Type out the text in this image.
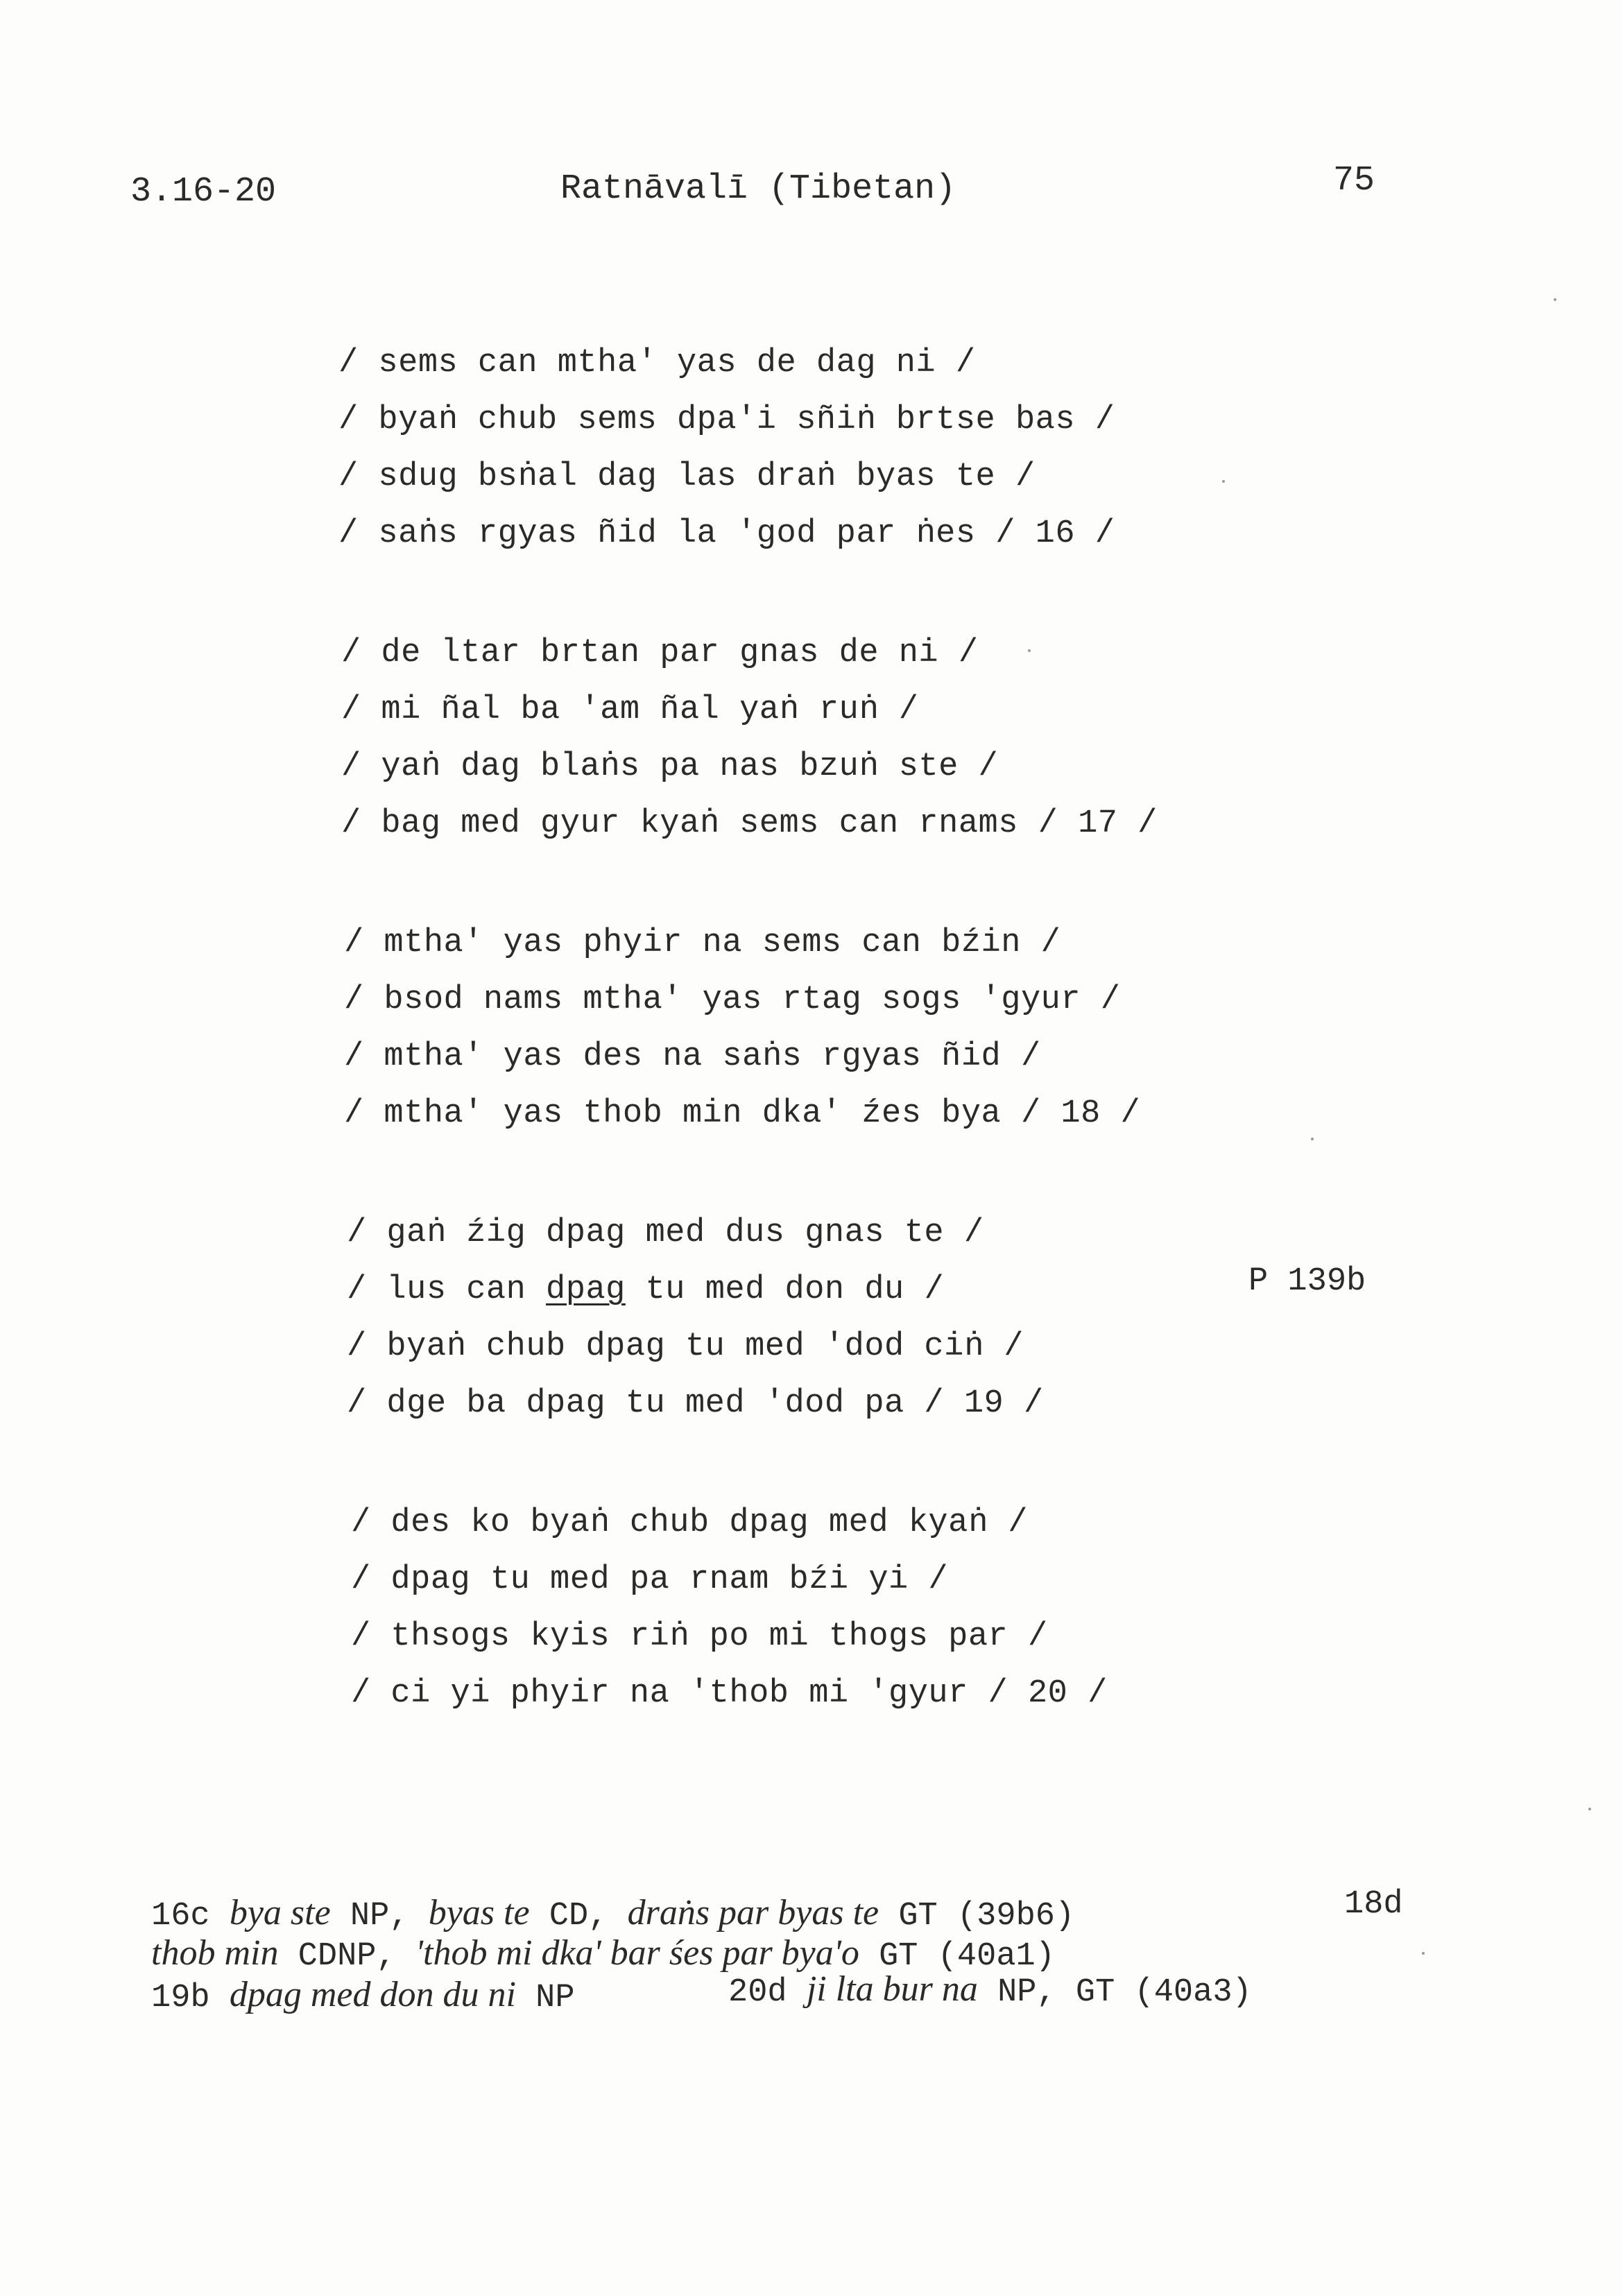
3.16-20	Ratnāvalī (Tibetan)	75
/ sems can mtha' yas de dag ni /
/ byaṅ chub sems dpa'i sñiṅ brtse bas /
/ sdug bsṅal dag las draṅ byas te /
/ saṅs rgyas ñid la 'god par ṅes / 16 /
/ de ltar brtan par gnas de ni /
/ mi ñal ba 'am ñal yaṅ ruṅ /
/ yaṅ dag blaṅs pa nas bzuṅ ste /
/ bag med gyur kyaṅ sems can rnams / 17 /
/ mtha' yas phyir na sems can bźin /
/ bsod nams mtha' yas rtag sogs 'gyur /
/ mtha' yas des na saṅs rgyas ñid /
/ mtha' yas thob min dka' źes bya / 18 /
/ gaṅ źig dpag med dus gnas te /
/ lus can dpag tu med don du /
/ byaṅ chub dpag tu med 'dod ciṅ /
/ dge ba dpag tu med 'dod pa / 19 /
P 139b
/ des ko byaṅ chub dpag med kyaṅ /
/ dpag tu med pa rnam bźi yi /
/ thsogs kyis riṅ po mi thogs par /
/ ci yi phyir na 'thob mi 'gyur / 20 /
16c bya ste NP, byas te CD, draṅs par byas te GT (39b6)	18d
thob min CDNP, 'thob mi dka' bar śes par bya'o GT (40a1)
19b dpag med don du ni NP	20d ji lta bur na NP, GT (40a3)
